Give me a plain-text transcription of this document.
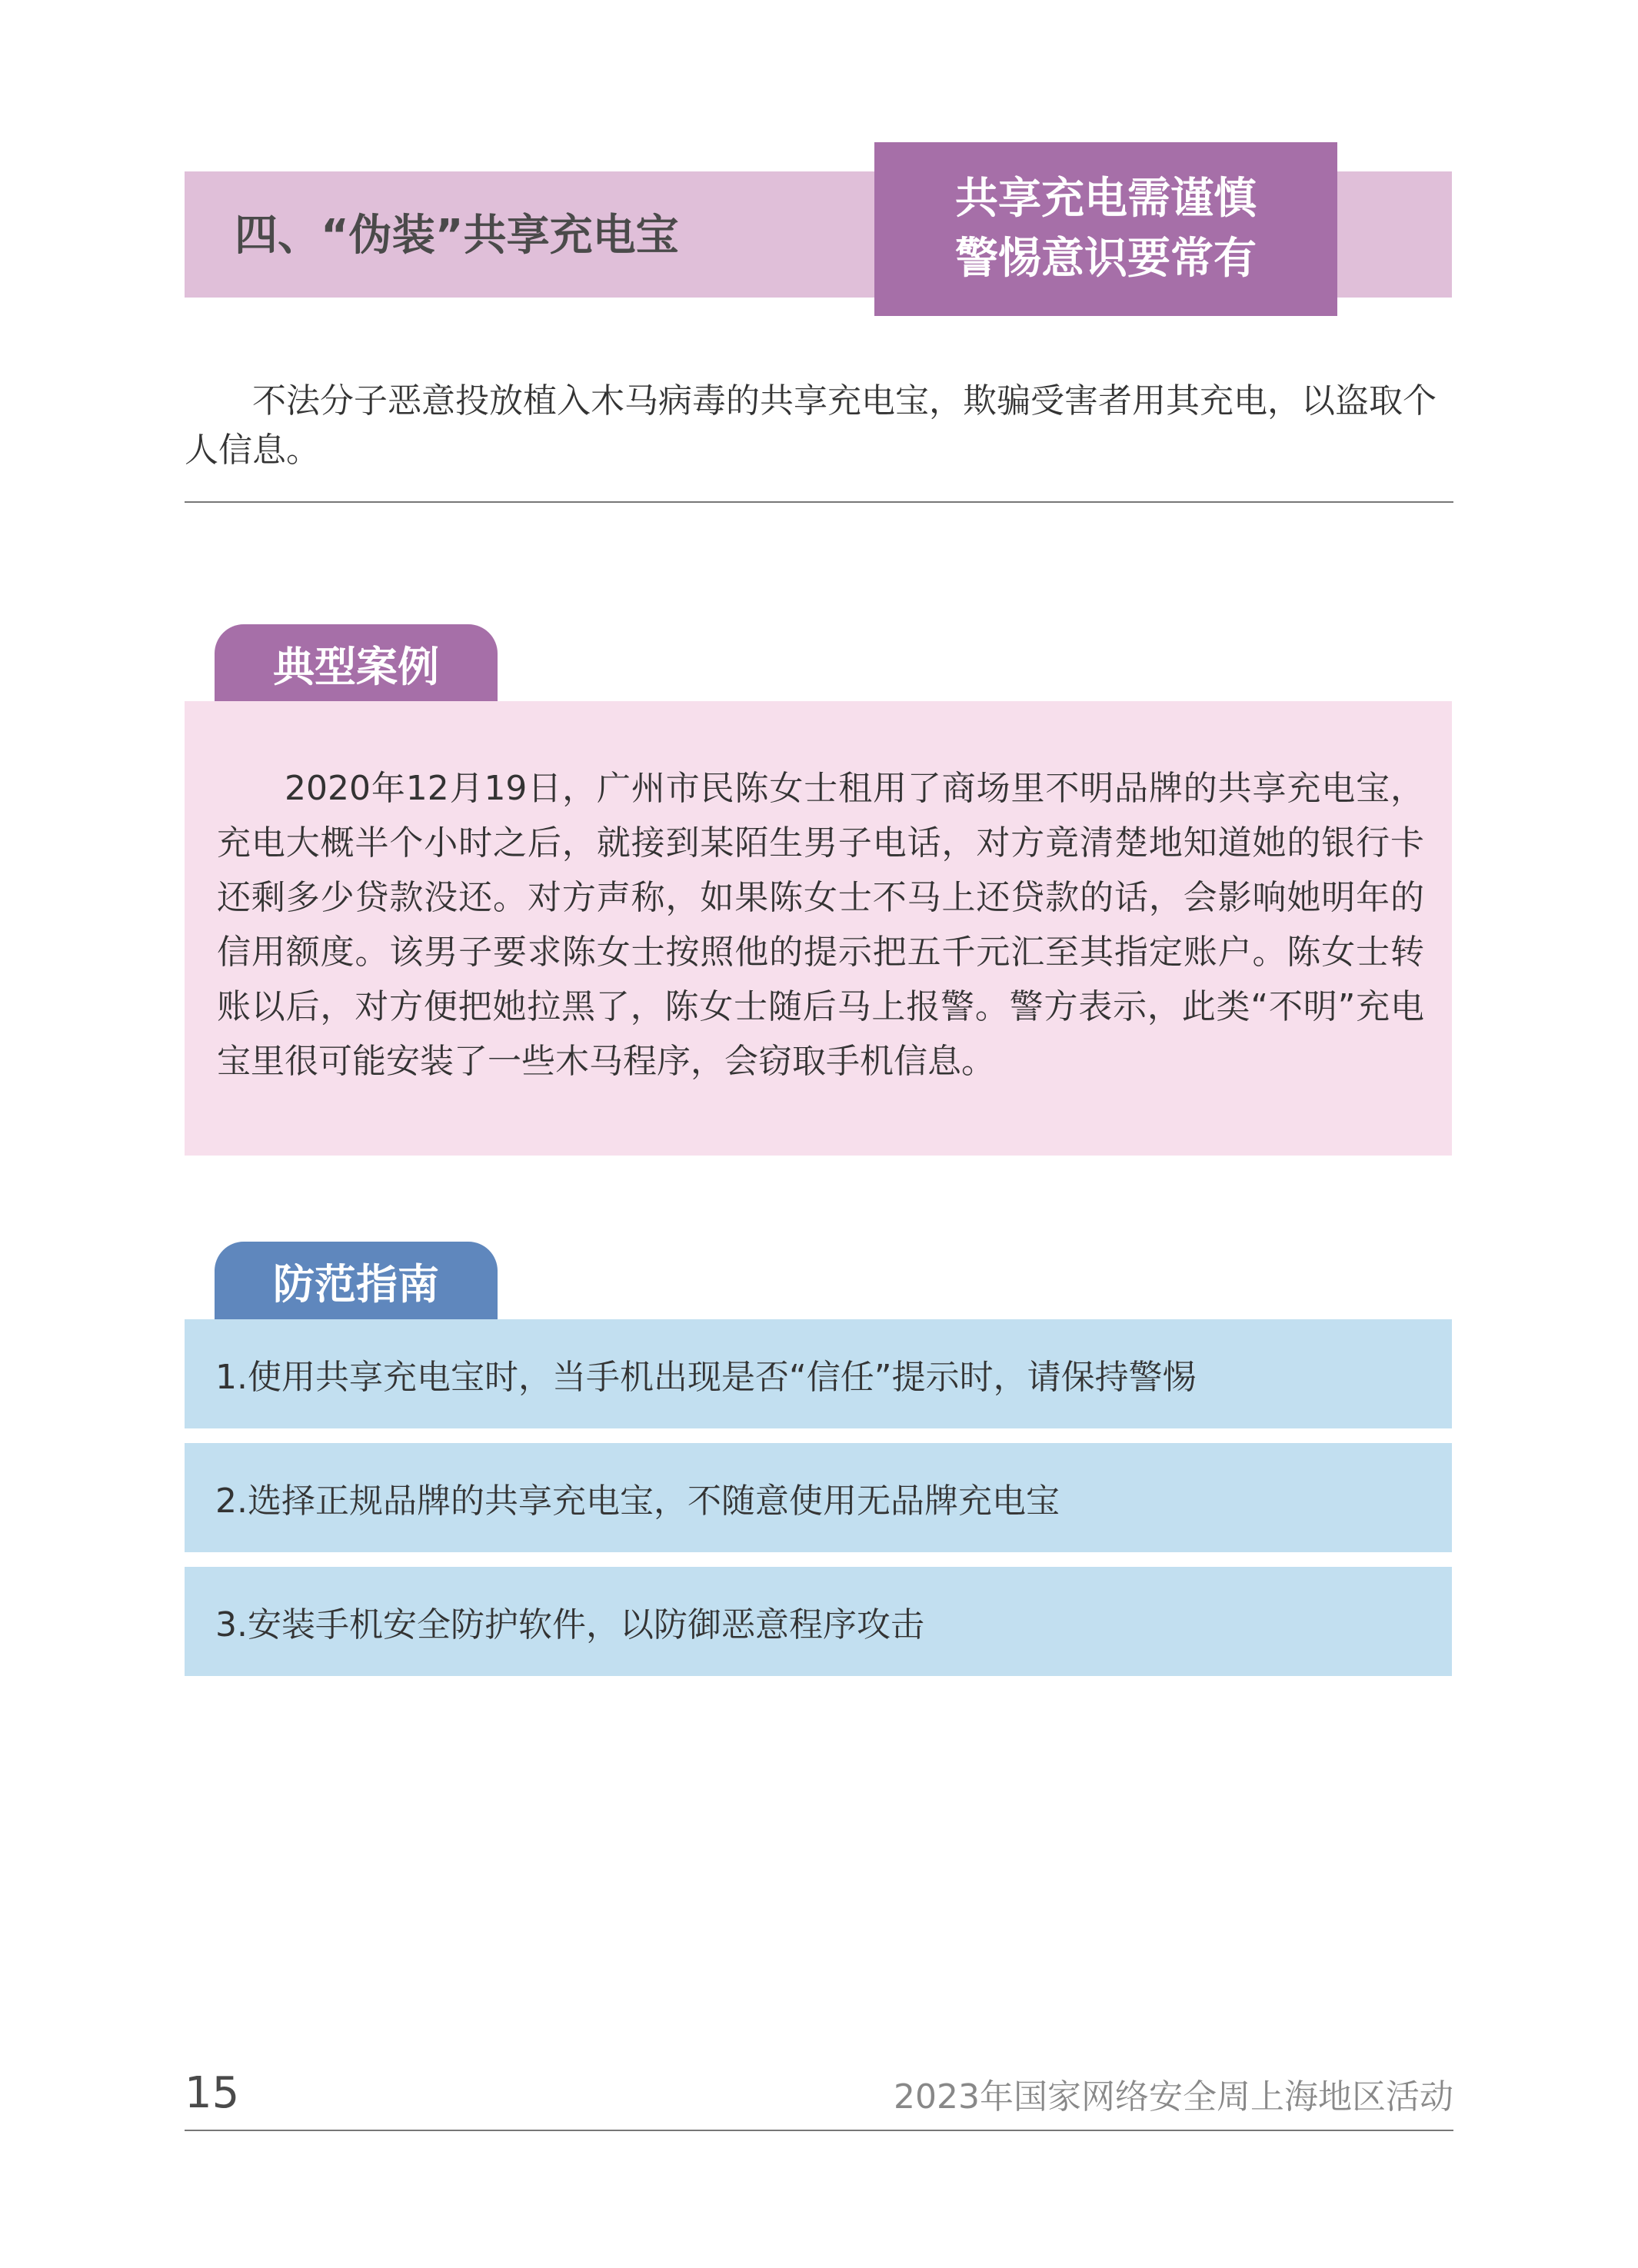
四、“伪装”共享充电宝
共享充电需谨慎
警惕意识要常有
不法分子恶意投放植入木马病毒的共享充电宝，欺骗受害者用其充电，以盗取个人信息。
典型案例
2020年12月19日，广州市民陈女士租用了商场里不明品牌的共享充电宝，充电大概半个小时之后，就接到某陌生男子电话，对方竟清楚地知道她的银行卡还剩多少贷款没还。对方声称，如果陈女士不马上还贷款的话，会影响她明年的信用额度。该男子要求陈女士按照他的提示把五千元汇至其指定账户。陈女士转账以后，对方便把她拉黑了，陈女士随后马上报警。警方表示，此类“不明”充电宝里很可能安装了一些木马程序，会窃取手机信息。
防范指南
1.使用共享充电宝时，当手机出现是否“信任”提示时，请保持警惕
2.选择正规品牌的共享充电宝，不随意使用无品牌充电宝
3.安装手机安全防护软件，以防御恶意程序攻击
15	2023年国家网络安全周上海地区活动
